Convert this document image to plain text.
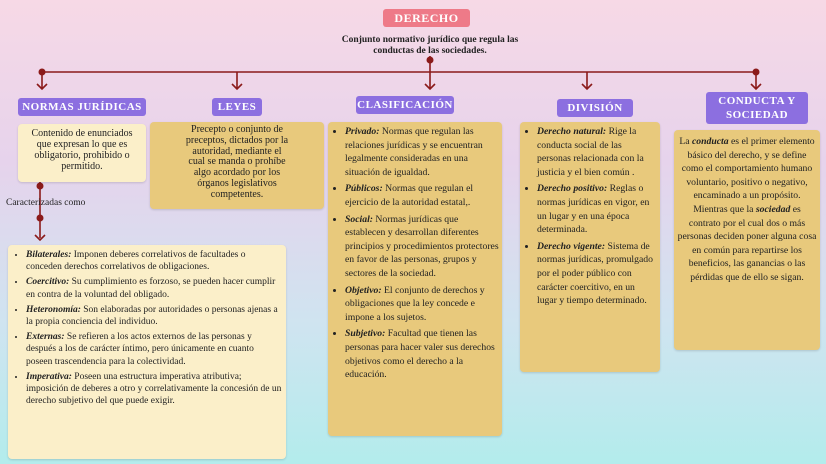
DERECHO
Conjunto normativo jurídico que regula las
conductas de las sociedades.
NORMAS JURÍDICAS
Contenido de enunciados
que expresan lo que es
obligatorio, prohibido o
permitido.
Caracterizadas como
• Bilaterales: Imponen deberes correlativos de facultades o conceden derechos correlativos de obligaciones.
• Coercitivo: Su cumplimiento es forzoso, se pueden hacer cumplir en contra de la voluntad del obligado.
• Heteronomía: Son elaboradas por autoridades o personas ajenas a la propia conciencia del individuo.
• Externas: Se refieren a los actos externos de las personas y después a los de carácter íntimo, pero únicamente en cuanto poseen trascendencia para la colectividad.
• Imperativa: Poseen una estructura imperativa atributiva; imposición de deberes a otro y correlativamente la concesión de un derecho subjetivo del que puede exigir.
LEYES
Precepto o conjunto de
preceptos, dictados por la
autoridad, mediante el
cual se manda o prohíbe
algo acordado por los
órganos legislativos
competentes.
CLASIFICACIÓN
• Privado: Normas que regulan las relaciones jurídicas y se encuentran legalmente consideradas en una situación de igualdad.
• Públicos: Normas que regulan el ejercicio de la autoridad estatal,.
• Social: Normas jurídicas que establecen y desarrollan diferentes principios y procedimientos protectores en favor de las personas, grupos y sectores de la sociedad.
• Objetivo: El conjunto de derechos y obligaciones que la ley concede e impone a los sujetos.
• Subjetivo: Facultad que tienen las personas para hacer valer sus derechos objetivos como el derecho a la educación.
DIVISIÓN
• Derecho natural: Rige la conducta social de las personas relacionada con la justicia y el bien común .
• Derecho positivo: Reglas o normas jurídicas en vigor, en un lugar y en una época determinada.
• Derecho vigente: Sistema de normas jurídicas, promulgado por el poder público con carácter coercitivo, en un lugar y tiempo determinado.
CONDUCTA Y
SOCIEDAD
La conducta es el primer elemento básico del derecho, y se define como el comportamiento humano voluntario, positivo o negativo, encaminado a un propósito.
Mientras que la sociedad es contrato por el cual dos o más personas deciden poner alguna cosa en común para repartirse los beneficios, las ganancias o las pérdidas que de ello se sigan.
